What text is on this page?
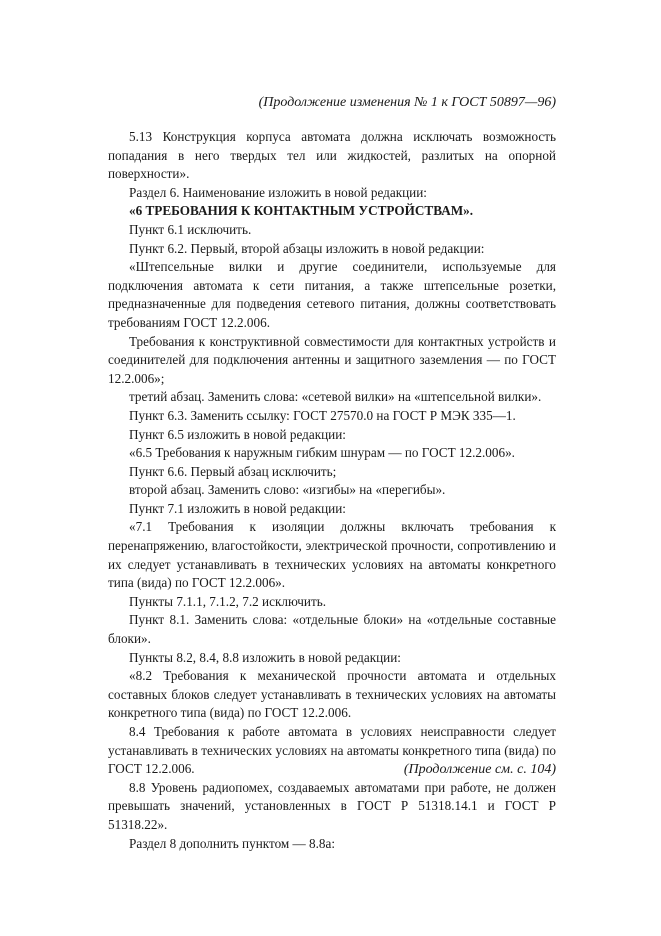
(Продолжение изменения № 1 к ГОСТ 50897—96)

5.13 Конструкция корпуса автомата должна исключать возможность попадания в него твердых тел или жидкостей, разлитых на опорной поверхности».

Раздел 6. Наименование изложить в новой редакции:

«6 ТРЕБОВАНИЯ К КОНТАКТНЫМ УСТРОЙСТВАМ».

Пункт 6.1 исключить.

Пункт 6.2. Первый, второй абзацы изложить в новой редакции:

«Штепсельные вилки и другие соединители, используемые для подключения автомата к сети питания, а также штепсельные розетки, предназначенные для подведения сетевого питания, должны соответствовать требованиям ГОСТ 12.2.006.

Требования к конструктивной совместимости для контактных устройств и соединителей для подключения антенны и защитного заземления — по ГОСТ 12.2.006»;

третий абзац. Заменить слова: «сетевой вилки» на «штепсельной вилки».

Пункт 6.3. Заменить ссылку: ГОСТ 27570.0 на ГОСТ Р МЭК 335—1.

Пункт 6.5 изложить в новой редакции:

«6.5 Требования к наружным гибким шнурам — по ГОСТ 12.2.006».

Пункт 6.6. Первый абзац исключить;

второй абзац. Заменить слово: «изгибы» на «перегибы».

Пункт 7.1 изложить в новой редакции:

«7.1 Требования к изоляции должны включать требования к перенапряжению, влагостойкости, электрической прочности, сопротивлению и их следует устанавливать в технических условиях на автоматы конкретного типа (вида) по ГОСТ 12.2.006».

Пункты 7.1.1, 7.1.2, 7.2 исключить.

Пункт 8.1. Заменить слова: «отдельные блоки» на «отдельные составные блоки».

Пункты 8.2, 8.4, 8.8 изложить в новой редакции:

«8.2 Требования к механической прочности автомата и отдельных составных блоков следует устанавливать в технических условиях на автоматы конкретного типа (вида) по ГОСТ 12.2.006.

8.4 Требования к работе автомата в условиях неисправности следует устанавливать в технических условиях на автоматы конкретного типа (вида) по ГОСТ 12.2.006.

8.8 Уровень радиопомех, создаваемых автоматами при работе, не должен превышать значений, установленных в ГОСТ Р 51318.14.1 и ГОСТ Р 51318.22».

Раздел 8 дополнить пунктом — 8.8а:

(Продолжение см. с. 104)
